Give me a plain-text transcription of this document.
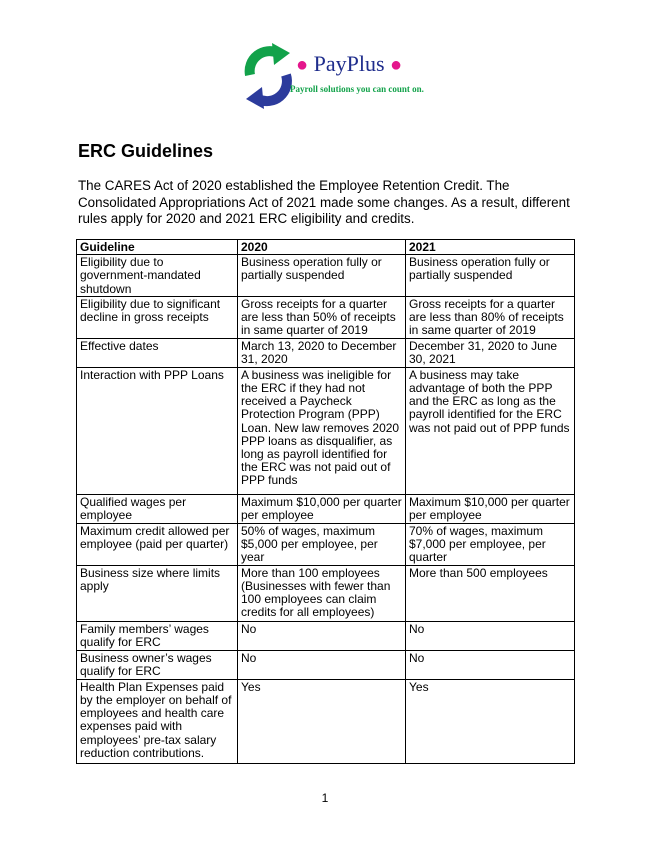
● PayPlus ●
Payroll solutions you can count on.
ERC Guidelines

The CARES Act of 2020 established the Employee Retention Credit. The Consolidated Appropriations Act of 2021 made some changes. As a result, different rules apply for 2020 and 2021 ERC eligibility and credits.

Guideline	2020	2021
Eligibility due to government-mandated shutdown	Business operation fully or partially suspended	Business operation fully or partially suspended
Eligibility due to significant decline in gross receipts	Gross receipts for a quarter are less than 50% of receipts in same quarter of 2019	Gross receipts for a quarter are less than 80% of receipts in same quarter of 2019
Effective dates	March 13, 2020 to December 31, 2020	December 31, 2020 to June 30, 2021
Interaction with PPP Loans	A business was ineligible for the ERC if they had not received a Paycheck Protection Program (PPP) Loan. New law removes 2020 PPP loans as disqualifier, as long as payroll identified for the ERC was not paid out of PPP funds	A business may take advantage of both the PPP and the ERC as long as the payroll identified for the ERC was not paid out of PPP funds
Qualified wages per employee	Maximum $10,000 per quarter per employee	Maximum $10,000 per quarter per employee
Maximum credit allowed per employee (paid per quarter)	50% of wages, maximum $5,000 per employee, per year	70% of wages, maximum $7,000 per employee, per quarter
Business size where limits apply	More than 100 employees (Businesses with fewer than 100 employees can claim credits for all employees)	More than 500 employees
Family members’ wages qualify for ERC	No	No
Business owner’s wages qualify for ERC	No	No
Health Plan Expenses paid by the employer on behalf of employees and health care expenses paid with employees’ pre-tax salary reduction contributions.	Yes	Yes
1
